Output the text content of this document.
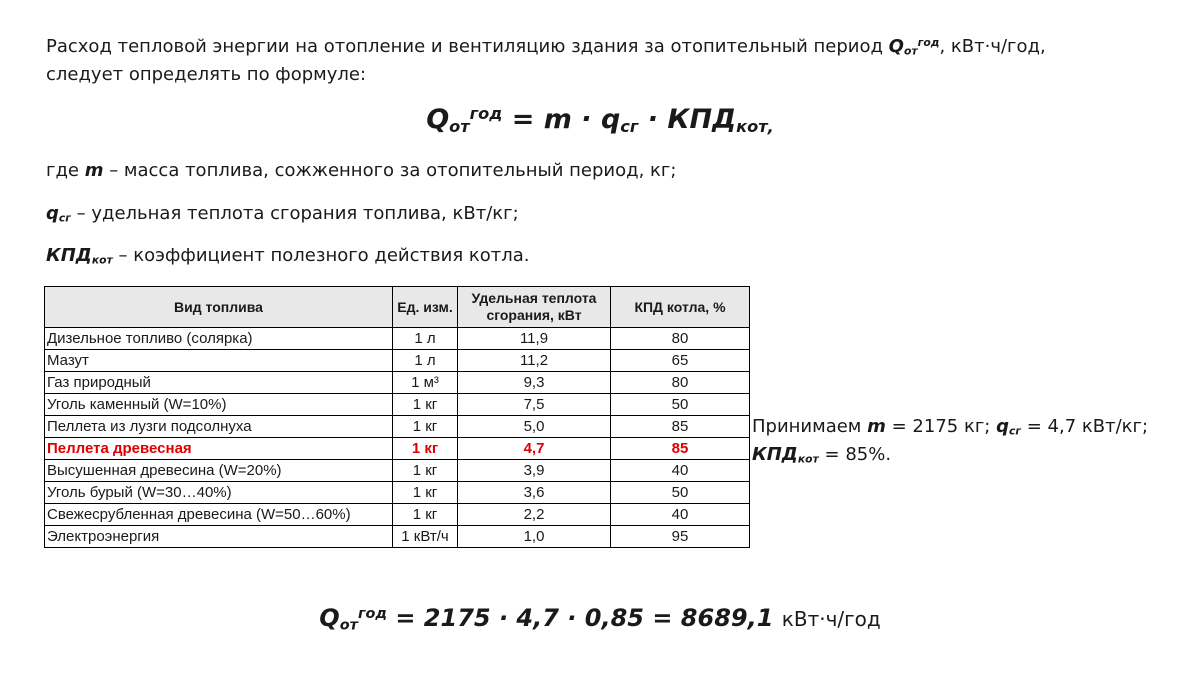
Расход тепловой энергии на отопление и вентиляцию здания за отопительный период $Q_{от}^{год}$, кВт·ч/год,
следует определять по формуле:
$Q_{от}^{год} = m \cdot q_{сг} \cdot КПД_{кот,}$
где m – масса топлива, сожженного за отопительный период, кг;
$q_{сг}$ – удельная теплота сгорания топлива, кВт/кг;
$КПД_{кот}$ – коэффициент полезного действия котла.
Вид топлива	Ед. изм.	Удельная теплота сгорания, кВт	КПД котла, %
Дизельное топливо (солярка)	1 л	11,9	80
Мазут	1 л	11,2	65
Газ природный	1 м³	9,3	80
Уголь каменный (W=10%)	1 кг	7,5	50
Пеллета из лузги подсолнуха	1 кг	5,0	85
Пеллета древесная	1 кг	4,7	85
Высушенная древесина (W=20%)	1 кг	3,9	40
Уголь бурый (W=30…40%)	1 кг	3,6	50
Свежесрубленная древесина (W=50…60%)	1 кг	2,2	40
Электроэнергия	1 кВт/ч	1,0	95
Принимаем m = 2175 кг; $q_{сг} = 4,7$ кВт/кг;
$КПД_{кот} = 85\%$.
$Q_{от}^{год} = 2175 \cdot 4,7 \cdot 0,85 = 8689,1$ кВт·ч/год
